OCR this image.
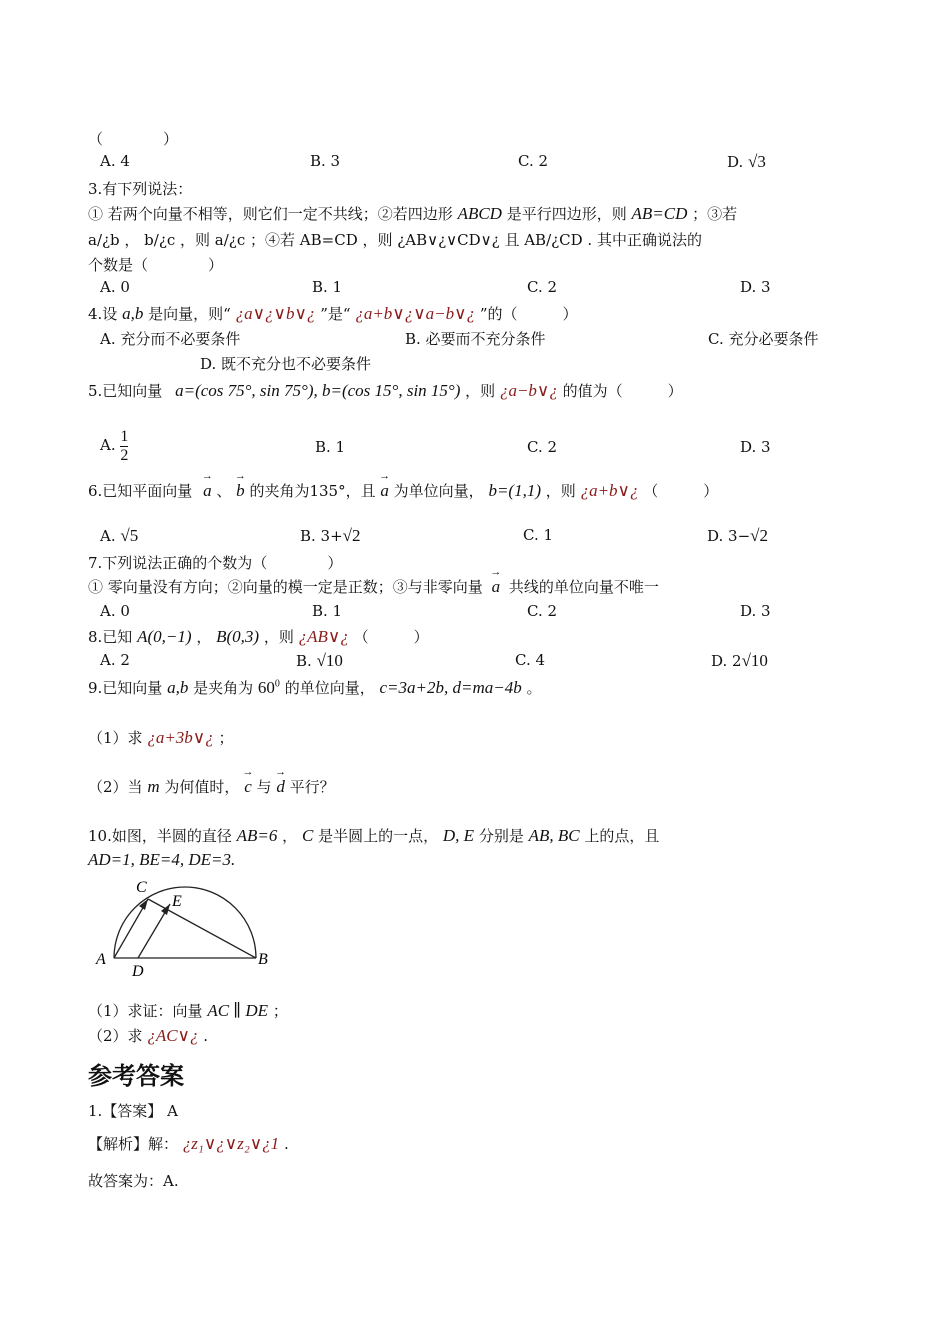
（　　　　）
A. 4	B. 3	C. 2	D. √3
3.有下列说法：
① 若两个向量不相等，则它们一定不共线；②若四边形 ABCD 是平行四边形，则 AB=CD ；③若
a/¿b ， b/¿c ，则 a/¿c ；④若 AB=CD ，则 ¿AB∨¿∨CD∨¿ 且 AB/¿CD . 其中正确说法的
个数是（　　　　）
A. 0	B. 1	C. 2	D. 3
4.设 a,b 是向量，则“ ¿a∨¿∨b∨¿ ”是“ ¿a+b∨¿∨a−b∨¿ ”的（　　　）
A. 充分而不必要条件	B. 必要而不充分条件	C. 充分必要条件
D. 既不充分也不必要条件
5.已知向量 a=(cos 75°, sin 75°), b=(cos 15°, sin 15°) ，则 ¿a−b∨¿ 的值为（　　　）
A. $\frac{1}{2}$	B. 1	C. 2	D. 3
6.已知平面向量 → a 、 → b 的夹角为135°，且 → a 为单位向量， b=(1,1) ，则 ¿a+b∨¿ （　　　）
A. √5	B. 3+√2	C. 1	D. 3−√2
7.下列说法正确的个数为（　　　　）
① 零向量没有方向；②向量的模一定是正数；③与非零向量 → a 共线的单位向量不唯一
A. 0	B. 1	C. 2	D. 3
8.已知 A(0,−1) ， B(0,3) ，则 ¿AB∨¿ （　　　）
A. 2	B. √10	C. 4	D. 2√10
9.已知向量 a,b 是夹角为 $60^0$ 的单位向量， c=3a+2b, d=ma−4b 。
（1）求 ¿a+3b∨¿ ；
（2）当 m 为何值时， → c 与 → d 平行？
10.如图，半圆的直径 AB=6 ， C 是半圆上的一点， D, E 分别是 AB, BC 上的点，且
AD=1, BE=4, DE=3.
C
E
A
D
B
（1）求证：向量 AC ∥ DE ；
（2）求 ¿AC∨¿ .
参考答案
1.【答案】 A
【解析】解： ¿z₁∨¿∨z₂∨¿1 .
故答案为：A.
